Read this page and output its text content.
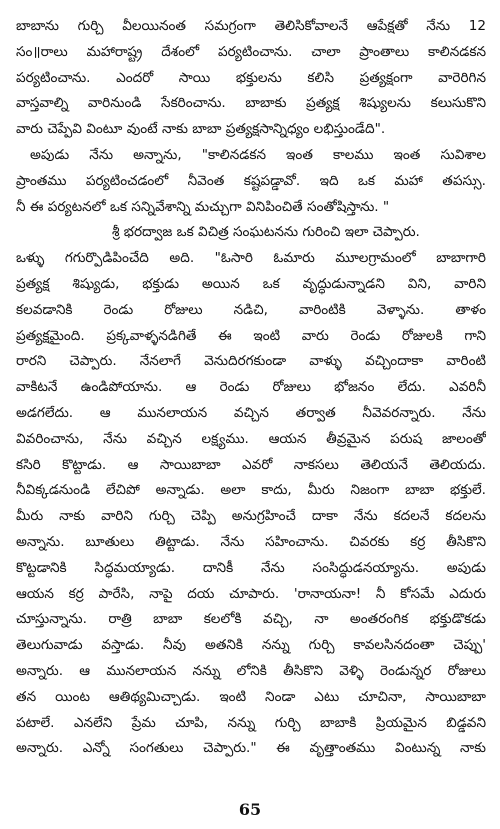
బాబాను గుర్చి వీలయినంత సమగ్రంగా తెలిసికోవాలనే ఆపేక్షతో నేను 12
సం॥రాలు మహారాష్ట్ర దేశంలో పర్యటించాను. చాలా ప్రాంతాలు కాలినడకన
పర్యటించాను. ఎందరో సాయి భక్తులను కలిసి ప్రత్యక్షంగా వారెరిగిన
వాస్తవాల్ని వారినుండి సేకరించాను. బాబాకు ప్రత్యక్ష శిష్యులను కలుసుకొని
వారు చెప్పేవి వింటూ వుంటే నాకు బాబా ప్రత్యక్షసాన్నిధ్యం లభిస్తుండేది".
అపుడు నేను అన్నాను, "కాలినడకన ఇంత కాలము ఇంత సువిశాల
ప్రాంతము పర్యటించడంలో నీవెంత కష్టపడ్డావో. ఇది ఒక మహా తపస్సు.
నీ ఈ పర్యటనలో ఒక సన్నివేశాన్ని మచ్చుగా వినిపించితే సంతోషిస్తాను. "
శ్రీ భరద్వాజ ఒక విచిత్ర సంఘటనను గురించి ఇలా చెప్పారు.
ఒళ్ళు గగుర్పొడిపించేది అది. "ఓసారి ఓమారు మూలగ్రామంలో బాబాగారి
ప్రత్యక్ష శిష్యుడు, భక్తుడు అయిన ఒక వృద్ధుడున్నాడని విని, వారిని
కలవడానికి రెండు రోజులు నడిచి, వారింటికి వెళ్ళాను. తాళం
ప్రత్యక్షమైంది. ప్రక్కవాళ్ళనడిగితే ఈ ఇంటి వారు రెండు రోజులకి గాని
రారని చెప్పారు. నేనలాగే వెనుదిరగకుండా వాళ్ళు వచ్చిందాకా వారింటి
వాకిటనే ఉండిపోయాను. ఆ రెండు రోజులు భోజనం లేదు. ఎవరినీ
అడగలేదు. ఆ మునలాయన వచ్చిన తర్వాత నీవెవరన్నారు. నేను
వివరించాను, నేను వచ్చిన లక్ష్యము. ఆయన తీవ్రమైన పరుష జాలంతో
కసిరి కొట్టాడు. ఆ సాయిబాబా ఎవరో నాకసలు తెలియనే తెలియదు.
నీవిక్కడనుండి లేచిపో అన్నాడు. అలా కాదు, మీరు నిజంగా బాబా భక్తులే.
మీరు నాకు వారిని గుర్చి చెప్పి అనుగ్రహించే దాకా నేను కదలనే కదలను
అన్నాను. బూతులు తిట్టాడు. నేను సహించాను. చివరకు కర్ర తీసికొని
కొట్టడానికి సిద్ధమయ్యాడు. దానికీ నేను సంసిద్ధుడనయ్యాను. అపుడు
ఆయన కర్ర పారేసి, నాపై దయ చూపారు. 'రానాయనా! నీ కోసమే ఎదురు
చూస్తున్నాను. రాత్రి బాబా కలలోకి వచ్చి, నా అంతరంగిక భక్తుడొకడు
తెలుగువాడు వస్తాడు. నీవు అతనికి నన్ను గుర్చి కావలసినదంతా చెప్పు'
అన్నారు. ఆ మునలాయన నన్ను లోనికి తీసికొని వెళ్ళి రెండున్నర రోజులు
తన యింట ఆతిథ్యమిచ్చాడు. ఇంటి నిండా ఎటు చూచినా, సాయిబాబా
పటాలే. ఎనలేని ప్రేమ చూపి, నన్ను గుర్చి బాబాకి ప్రియమైన బిడ్డవని
అన్నారు. ఎన్నో సంగతులు చెప్పారు." ఈ వృత్తాంతము వింటున్న నాకు
65
